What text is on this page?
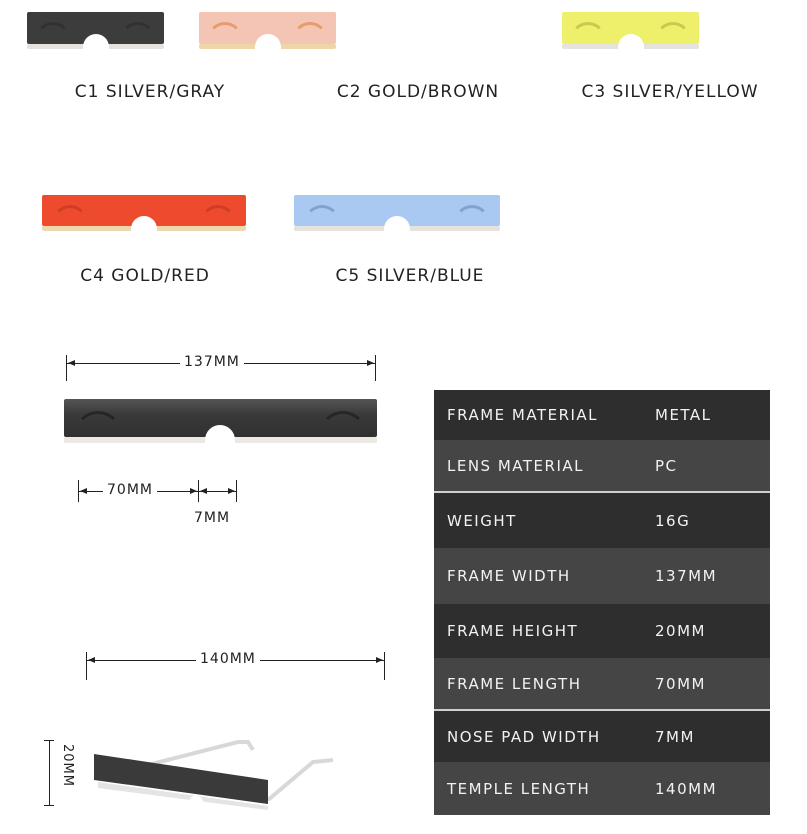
C1 SILVER/GRAY	C2 GOLD/BROWN	C3 SILVER/YELLOW
C4 GOLD/RED	C5 SILVER/BLUE
137MM
70MM
7MM
140MM
20MM
FRAME MATERIAL	METAL
LENS MATERIAL	PC
WEIGHT	16G
FRAME WIDTH	137MM
FRAME HEIGHT	20MM
FRAME LENGTH	70MM
NOSE PAD WIDTH	7MM
TEMPLE LENGTH	140MM
